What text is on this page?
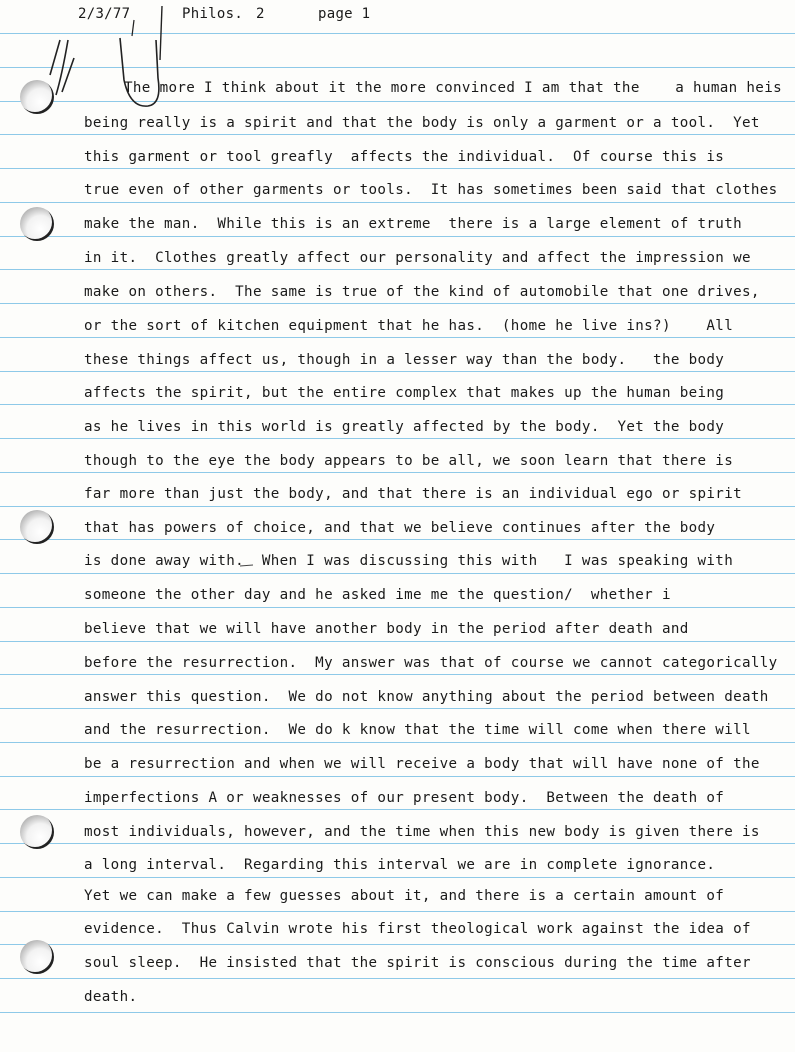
2/3/77	Philos. 2	page 1
The more I think about it the more convinced I am that the    a human heis
being really is a spirit and that the body is only a garment or a tool.  Yet
this garment or tool greafly  affects the individual.  Of course this is
true even of other garments or tools.  It has sometimes been said that clothes
make the man.  While this is an extreme  there is a large element of truth
in it.  Clothes greatly affect our personality and affect the impression we
make on others.  The same is true of the kind of automobile that one drives,
or the sort of kitchen equipment that he has.  (home he live ins?)    All
these things affect us, though in a lesser way than the body.   the body
affects the spirit, but the entire complex that makes up the human being
as he lives in this world is greatly affected by the body.  Yet the body
though to the eye the body appears to be all, we soon learn that there is
far more than just the body, and that there is an individual ego or spirit
that has powers of choice, and that we believe continues after the body
is done away with.  When I was discussing this with   I was speaking with
someone the other day and he asked ime me the question/  whether i
believe that we will have another body in the period after death and
before the resurrection.  My answer was that of course we cannot categorically
answer this question.  We do not know anything about the period between death
and the resurrection.  We do k know that the time will come when there will
be a resurrection and when we will receive a body that will have none of the
imperfections A or weaknesses of our present body.  Between the death of
most individuals, however, and the time when this new body is given there is
a long interval.  Regarding this interval we are in complete ignorance.
Yet we can make a few guesses about it, and there is a certain amount of
evidence.  Thus Calvin wrote his first theological work against the idea of
soul sleep.  He insisted that the spirit is conscious during the time after
death.
